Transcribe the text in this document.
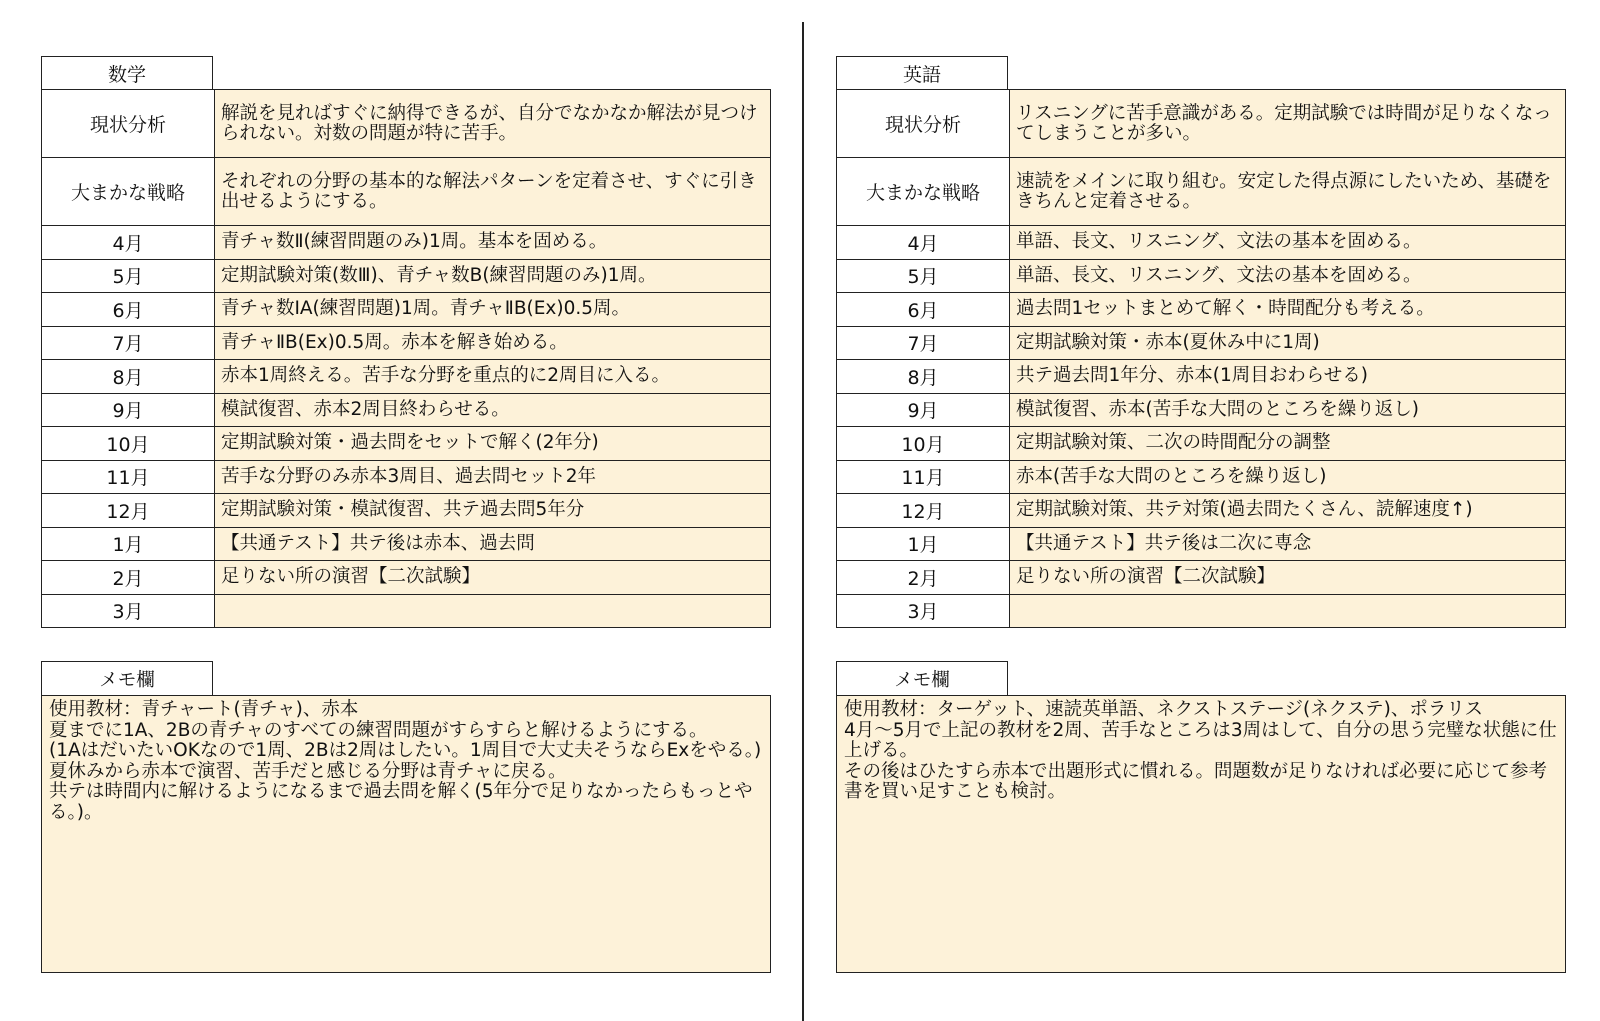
数学
現状分析	解説を見ればすぐに納得できるが、自分でなかなか解法が見つけられない。対数の問題が特に苦手。
大まかな戦略	それぞれの分野の基本的な解法パターンを定着させ、すぐに引き出せるようにする。
4月	青チャ数Ⅱ(練習問題のみ)1周。基本を固める。
5月	定期試験対策(数Ⅲ)、青チャ数B(練習問題のみ)1周。
6月	青チャ数ⅠA(練習問題)1周。青チャⅡB(Ex)0.5周。
7月	青チャⅡB(Ex)0.5周。赤本を解き始める。
8月	赤本1周終える。苦手な分野を重点的に2周目に入る。
9月	模試復習、赤本2周目終わらせる。
10月	定期試験対策・過去問をセットで解く(2年分)
11月	苦手な分野のみ赤本3周目、過去問セット2年
12月	定期試験対策・模試復習、共テ過去問5年分
1月	【共通テスト】共テ後は赤本、過去問
2月	足りない所の演習【二次試験】
3月	
メモ欄
使用教材：青チャート(青チャ)、赤本
夏までに1A、2Bの青チャのすべての練習問題がすらすらと解けるようにする。
(1AはだいたいOKなので1周、2Bは2周はしたい。1周目で大丈夫そうならExをやる。)
夏休みから赤本で演習、苦手だと感じる分野は青チャに戻る。
共テは時間内に解けるようになるまで過去問を解く(5年分で足りなかったらもっとやる。)。
英語
現状分析	リスニングに苦手意識がある。定期試験では時間が足りなくなってしまうことが多い。
大まかな戦略	速読をメインに取り組む。安定した得点源にしたいため、基礎をきちんと定着させる。
4月	単語、長文、リスニング、文法の基本を固める。
5月	単語、長文、リスニング、文法の基本を固める。
6月	過去問1セットまとめて解く・時間配分も考える。
7月	定期試験対策・赤本(夏休み中に1周)
8月	共テ過去問1年分、赤本(1周目おわらせる)
9月	模試復習、赤本(苦手な大問のところを繰り返し)
10月	定期試験対策、二次の時間配分の調整
11月	赤本(苦手な大問のところを繰り返し)
12月	定期試験対策、共テ対策(過去問たくさん、読解速度↑)
1月	【共通テスト】共テ後は二次に専念
2月	足りない所の演習【二次試験】
3月	
メモ欄
使用教材：ターゲット、速読英単語、ネクストステージ(ネクステ)、ポラリス
4月～5月で上記の教材を2周、苦手なところは3周はして、自分の思う完璧な状態に仕上げる。
その後はひたすら赤本で出題形式に慣れる。問題数が足りなければ必要に応じて参考書を買い足すことも検討。
